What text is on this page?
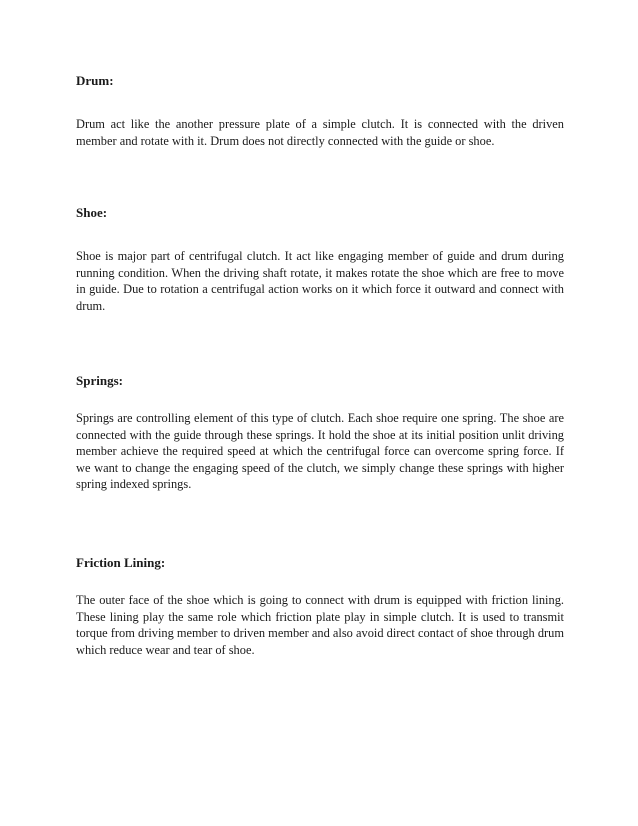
Drum:

Drum act like the another pressure plate of a simple clutch. It is connected with the driven member and rotate with it. Drum does not directly connected with the guide or shoe.

Shoe:

Shoe is major part of centrifugal clutch. It act like engaging member of guide and drum during running condition. When the driving shaft rotate, it makes rotate the shoe which are free to move in guide. Due to rotation a centrifugal action works on it which force it outward and connect with drum.

Springs:

Springs are controlling element of this type of clutch. Each shoe require one spring. The shoe are connected with the guide through these springs. It hold the shoe at its initial position unlit driving member achieve the required speed at which the centrifugal force can overcome spring force. If we want to change the engaging speed of the clutch, we simply change these springs with higher spring indexed springs.

Friction Lining:

The outer face of the shoe which is going to connect with drum is equipped with friction lining. These lining play the same role which friction plate play in simple clutch. It is used to transmit torque from driving member to driven member and also avoid direct contact of shoe through drum which reduce wear and tear of shoe.
